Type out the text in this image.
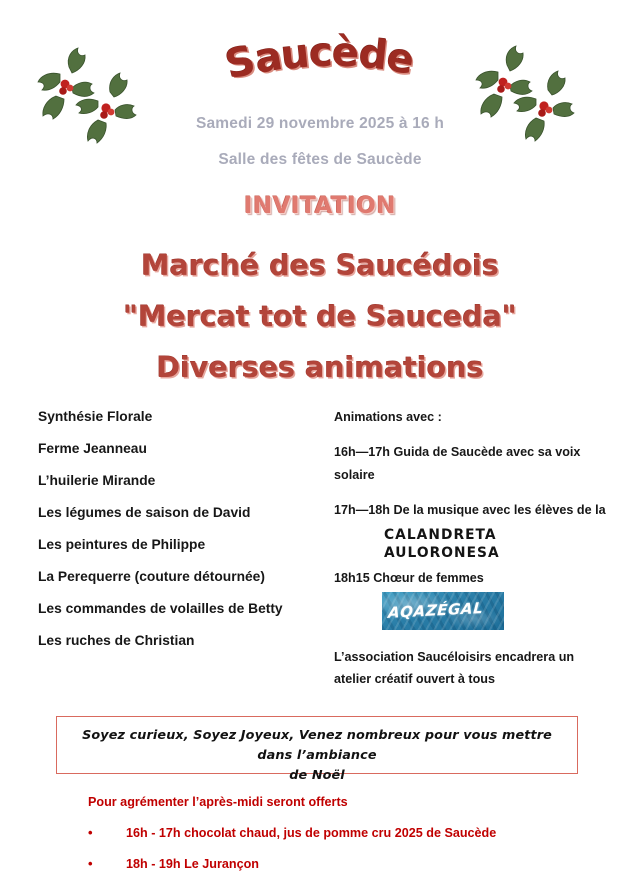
Saucède
Samedi 29 novembre 2025 à 16 h
Salle des fêtes de Saucède
INVITATION
Marché des Saucédois
"Mercat tot de Sauceda"
Diverses animations
Synthésie Florale
Ferme Jeanneau
L’huilerie Mirande
Les légumes de saison de David
Les peintures de Philippe
La Perequerre (couture détournée)
Les commandes de volailles de Betty
Les ruches de Christian

Animations avec :

16h—17h Guida de Saucède avec sa voix solaire

17h—18h De la musique avec les élèves de la

CALANDRETA
AULORONESA

18h15 Chœur de femmes

AQAZÉGAL

L’association Saucéloisirs encadrera un atelier créatif ouvert à tous

Soyez curieux, Soyez Joyeux, Venez nombreux pour vous mettre dans l’ambiance
de Noël

Pour agrémenter l’après-midi seront offerts

•	16h - 17h chocolat chaud, jus de pomme cru 2025 de Saucède
•	18h - 19h Le Jurançon
